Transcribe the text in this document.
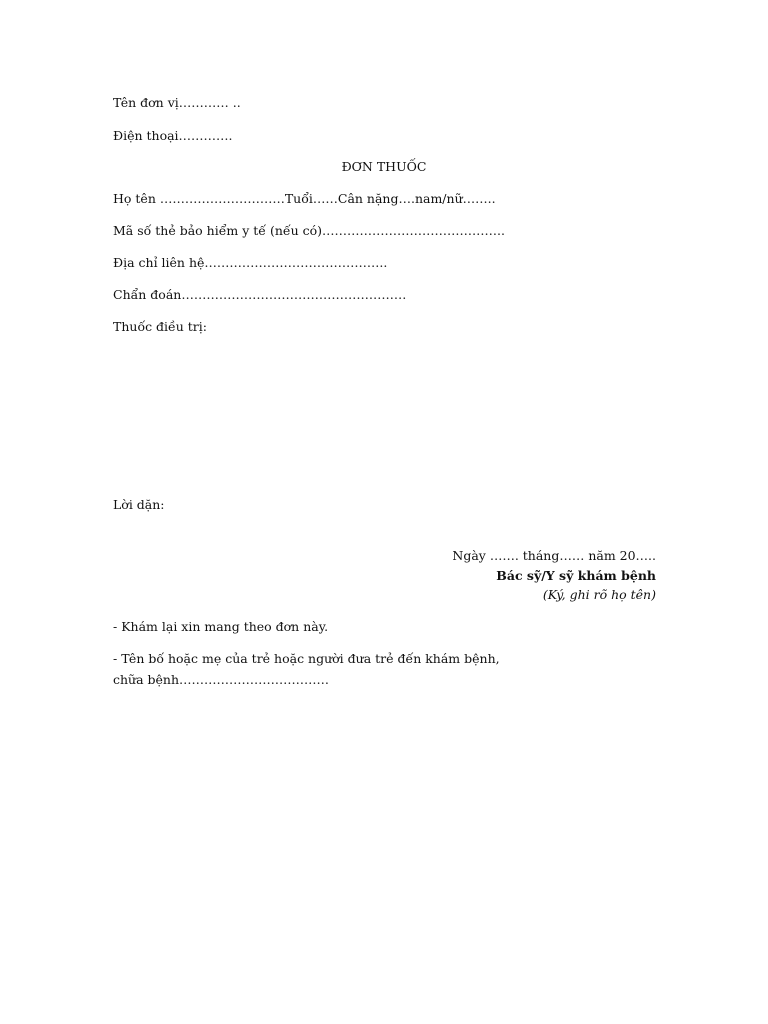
Tên đơn vị………… ..
Điện thoại………….
ĐƠN THUỐC
Họ tên …………………………Tuổi……Cân nặng….nam/nữ……..
Mã số thẻ bảo hiểm y tế (nếu có)……………………………………..
Địa chỉ liên hệ……………………………………..
Chẩn đoán………………………………………………
Thuốc điều trị:
Lời dặn:
Ngày ……. tháng…… năm 20…..
Bác sỹ/Y sỹ khám bệnh
(Ký, ghi rõ họ tên)
- Khám lại xin mang theo đơn này.
- Tên bố hoặc mẹ của trẻ hoặc người đưa trẻ đến khám bệnh, chữa bệnh………………………………
